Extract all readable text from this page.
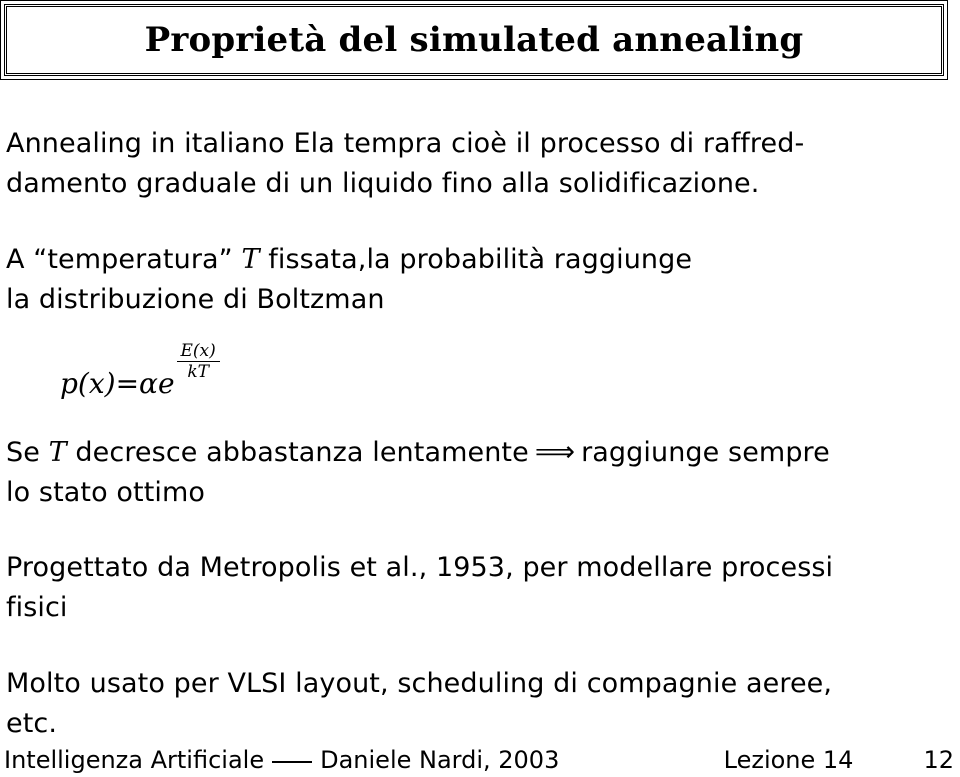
Proprietà del simulated annealing
Annealing in italiano Ela tempra cioè il processo di raffred-
damento graduale di un liquido fino alla solidificazione.
A “temperatura” T fissata,la probabilità raggiunge
la distribuzione di Boltzman
p(x) = αe
$\frac{E(x)}{kT}$
Se T decresce abbastanza lentamente ⟹ raggiunge sempre
lo stato ottimo
Progettato da Metropolis et al., 1953, per modellare processi
fisici
Molto usato per VLSI layout, scheduling di compagnie aeree,
etc.
Intelligenza Artificiale Daniele Nardi, 2003	Lezione 14	12
